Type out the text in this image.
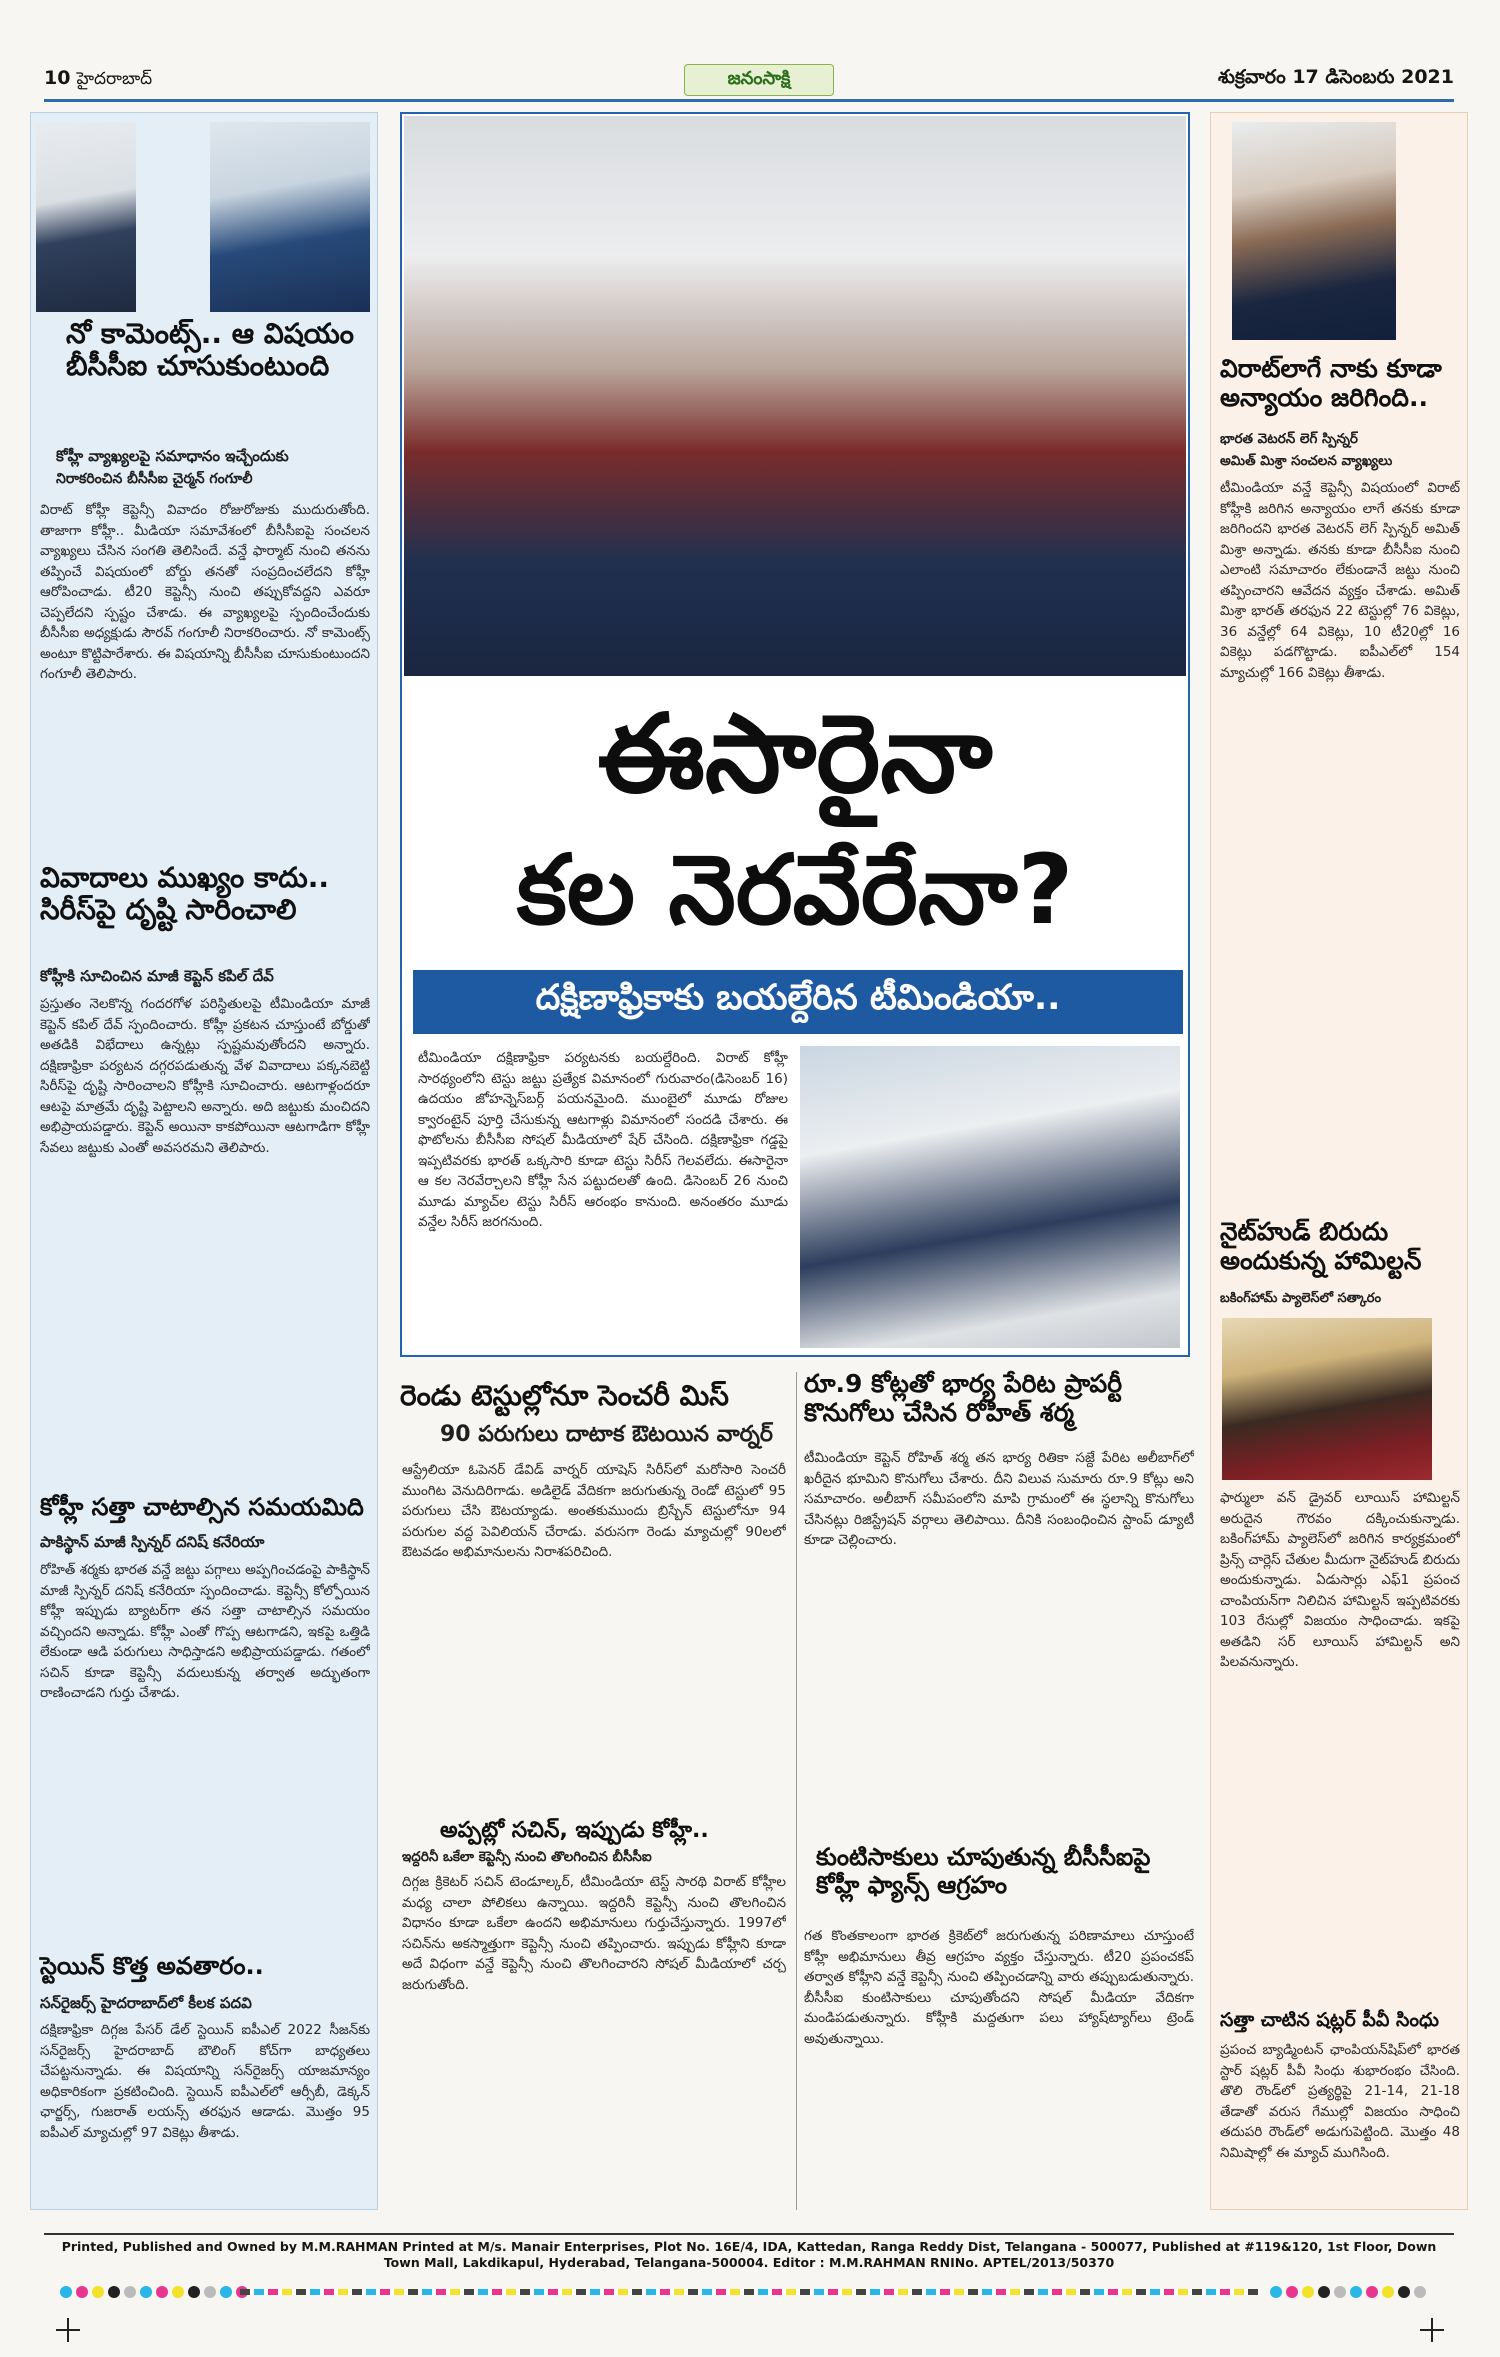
10 హైదరాబాద్	జనంసాక్షి	శుక్రవారం 17 డిసెంబరు 2021
నో కామెంట్స్.. ఆ విషయం బీసీసీఐ చూసుకుంటుంది
కోహ్లీ వ్యాఖ్యలపై సమాధానం ఇచ్చేందుకు
నిరాకరించిన బీసీసీఐ చైర్మన్ గంగూలీ
విరాట్ కోహ్లీ కెప్టెన్సీ వివాదం రోజురోజుకు ముదురుతోంది. తాజాగా కోహ్లీ.. మీడియా సమావేశంలో బీసీసీఐపై సంచలన వ్యాఖ్యలు చేసిన సంగతి తెలిసిందే. వన్డే ఫార్మాట్ నుంచి తనను తప్పించే విషయంలో బోర్డు తనతో సంప్రదించలేదని కోహ్లీ ఆరోపించాడు. టీ20 కెప్టెన్సీ నుంచి తప్పుకోవద్దని ఎవరూ చెప్పలేదని స్పష్టం చేశాడు. ఈ వ్యాఖ్యలపై స్పందించేందుకు బీసీసీఐ అధ్యక్షుడు సౌరవ్ గంగూలీ నిరాకరించారు. నో కామెంట్స్ అంటూ కొట్టిపారేశారు. ఈ విషయాన్ని బీసీసీఐ చూసుకుంటుందని గంగూలీ తెలిపారు.
వివాదాలు ముఖ్యం కాదు.. సిరీస్‌పై దృష్టి సారించాలి
కోహ్లీకి సూచించిన మాజీ కెప్టెన్ కపిల్ దేవ్
ప్రస్తుతం నెలకొన్న గందరగోళ పరిస్థితులపై టీమిండియా మాజీ కెప్టెన్ కపిల్ దేవ్ స్పందించారు. కోహ్లీ ప్రకటన చూస్తుంటే బోర్డుతో అతడికి విభేదాలు ఉన్నట్లు స్పష్టమవుతోందని అన్నారు. దక్షిణాఫ్రికా పర్యటన దగ్గరపడుతున్న వేళ వివాదాలు పక్కనబెట్టి సిరీస్‌పై దృష్టి సారించాలని కోహ్లీకి సూచించారు. ఆటగాళ్లందరూ ఆటపై మాత్రమే దృష్టి పెట్టాలని అన్నారు. అది జట్టుకు మంచిదని అభిప్రాయపడ్డారు. కెప్టెన్ అయినా కాకపోయినా ఆటగాడిగా కోహ్లీ సేవలు జట్టుకు ఎంతో అవసరమని తెలిపారు.
కోహ్లీ సత్తా చాటాల్సిన సమయమిది
పాకిస్థాన్ మాజీ స్పిన్నర్ దనిష్ కనేరియా
రోహిత్ శర్మకు భారత వన్డే జట్టు పగ్గాలు అప్పగించడంపై పాకిస్థాన్ మాజీ స్పిన్నర్ దనిష్ కనేరియా స్పందించాడు. కెప్టెన్సీ కోల్పోయిన కోహ్లీ ఇప్పుడు బ్యాటర్‌గా తన సత్తా చాటాల్సిన సమయం వచ్చిందని అన్నాడు. కోహ్లీ ఎంతో గొప్ప ఆటగాడని, ఇకపై ఒత్తిడి లేకుండా ఆడి పరుగులు సాధిస్తాడని అభిప్రాయపడ్డాడు. గతంలో సచిన్ కూడా కెప్టెన్సీ వదులుకున్న తర్వాత అద్భుతంగా రాణించాడని గుర్తు చేశాడు.
స్టెయిన్ కొత్త అవతారం..
సన్‌రైజర్స్ హైదరాబాద్‌లో కీలక పదవి
దక్షిణాఫ్రికా దిగ్గజ పేసర్ డేల్ స్టెయిన్ ఐపీఎల్ 2022 సీజన్‌కు సన్‌రైజర్స్ హైదరాబాద్ బౌలింగ్ కోచ్‌గా బాధ్యతలు చేపట్టనున్నాడు. ఈ విషయాన్ని సన్‌రైజర్స్ యాజమాన్యం అధికారికంగా ప్రకటించింది. స్టెయిన్ ఐపీఎల్‌లో ఆర్సీబీ, డెక్కన్ ఛార్జర్స్, గుజరాత్ లయన్స్ తరఫున ఆడాడు. మొత్తం 95 ఐపీఎల్ మ్యాచుల్లో 97 వికెట్లు తీశాడు.
ఈసారైనా
కల నెరవేరేనా?
దక్షిణాఫ్రికాకు బయల్దేరిన టీమిండియా..
టీమిండియా దక్షిణాఫ్రికా పర్యటనకు బయల్దేరింది. విరాట్ కోహ్లీ సారథ్యంలోని టెస్టు జట్టు ప్రత్యేక విమానంలో గురువారం(డిసెంబర్ 16) ఉదయం జోహన్నెస్‌బర్గ్ పయనమైంది. ముంబైలో మూడు రోజుల క్వారంటైన్ పూర్తి చేసుకున్న ఆటగాళ్లు విమానంలో సందడి చేశారు. ఈ ఫొటోలను బీసీసీఐ సోషల్ మీడియాలో షేర్ చేసింది. దక్షిణాఫ్రికా గడ్డపై ఇప్పటివరకు భారత్ ఒక్కసారి కూడా టెస్టు సిరీస్ గెలవలేదు. ఈసారైనా ఆ కల నెరవేర్చాలని కోహ్లీ సేన పట్టుదలతో ఉంది. డిసెంబర్ 26 నుంచి మూడు మ్యాచ్‌ల టెస్టు సిరీస్ ఆరంభం కానుంది. అనంతరం మూడు వన్డేల సిరీస్ జరగనుంది.
రెండు టెస్టుల్లోనూ సెంచరీ మిస్
90 పరుగులు దాటాక ఔటయిన వార్నర్
ఆస్ట్రేలియా ఓపెనర్ డేవిడ్ వార్నర్ యాషెస్ సిరీస్‌లో మరోసారి సెంచరీ ముంగిట వెనుదిరిగాడు. అడిలైడ్ వేదికగా జరుగుతున్న రెండో టెస్టులో 95 పరుగులు చేసి ఔటయ్యాడు. అంతకుముందు బ్రిస్బేన్ టెస్టులోనూ 94 పరుగుల వద్ద పెవిలియన్ చేరాడు. వరుసగా రెండు మ్యాచుల్లో 90లలో ఔటవడం అభిమానులను నిరాశపరిచింది.
అప్పట్లో సచిన్, ఇప్పుడు కోహ్లీ..
ఇద్దరినీ ఒకేలా కెప్టెన్సీ నుంచి తొలగించిన బీసీసీఐ
దిగ్గజ క్రికెటర్ సచిన్ టెండూల్కర్, టీమిండియా టెస్ట్ సారథి విరాట్ కోహ్లీల మధ్య చాలా పోలికలు ఉన్నాయి. ఇద్దరినీ కెప్టెన్సీ నుంచి తొలగించిన విధానం కూడా ఒకేలా ఉందని అభిమానులు గుర్తుచేస్తున్నారు. 1997లో సచిన్‌ను అకస్మాత్తుగా కెప్టెన్సీ నుంచి తప్పించారు. ఇప్పుడు కోహ్లీని కూడా అదే విధంగా వన్డే కెప్టెన్సీ నుంచి తొలగించారని సోషల్ మీడియాలో చర్చ జరుగుతోంది.
రూ.9 కోట్లతో భార్య పేరిట ప్రాపర్టీ కొనుగోలు చేసిన రోహిత్ శర్మ
టీమిండియా కెప్టెన్ రోహిత్ శర్మ తన భార్య రితికా సజ్దే పేరిట అలీబాగ్‌లో ఖరీదైన భూమిని కొనుగోలు చేశారు. దీని విలువ సుమారు రూ.9 కోట్లు అని సమాచారం. అలీబాగ్ సమీపంలోని మాపి గ్రామంలో ఈ స్థలాన్ని కొనుగోలు చేసినట్లు రిజిస్ట్రేషన్ వర్గాలు తెలిపాయి. దీనికి సంబంధించిన స్టాంప్ డ్యూటీ కూడా చెల్లించారు.
కుంటిసాకులు చూపుతున్న బీసీసీఐపై కోహ్లీ ఫ్యాన్స్ ఆగ్రహం
గత కొంతకాలంగా భారత క్రికెట్‌లో జరుగుతున్న పరిణామాలు చూస్తుంటే కోహ్లీ అభిమానులు తీవ్ర ఆగ్రహం వ్యక్తం చేస్తున్నారు. టీ20 ప్రపంచకప్ తర్వాత కోహ్లీని వన్డే కెప్టెన్సీ నుంచి తప్పించడాన్ని వారు తప్పుబడుతున్నారు. బీసీసీఐ కుంటిసాకులు చూపుతోందని సోషల్ మీడియా వేదికగా మండిపడుతున్నారు. కోహ్లీకి మద్దతుగా పలు హ్యాష్‌ట్యాగ్‌లు ట్రెండ్ అవుతున్నాయి.
విరాట్‌లాగే నాకు కూడా అన్యాయం జరిగింది..
భారత వెటరన్ లెగ్ స్పిన్నర్
అమిత్ మిశ్రా సంచలన వ్యాఖ్యలు
టీమిండియా వన్డే కెప్టెన్సీ విషయంలో విరాట్ కోహ్లీకి జరిగిన అన్యాయం లాగే తనకు కూడా జరిగిందని భారత వెటరన్ లెగ్ స్పిన్నర్ అమిత్ మిశ్రా అన్నాడు. తనకు కూడా బీసీసీఐ నుంచి ఎలాంటి సమాచారం లేకుండానే జట్టు నుంచి తప్పించారని ఆవేదన వ్యక్తం చేశాడు. అమిత్ మిశ్రా భారత్ తరఫున 22 టెస్టుల్లో 76 వికెట్లు, 36 వన్డేల్లో 64 వికెట్లు, 10 టీ20ల్లో 16 వికెట్లు పడగొట్టాడు. ఐపీఎల్‌లో 154 మ్యాచుల్లో 166 వికెట్లు తీశాడు.
నైట్‌హుడ్ బిరుదు అందుకున్న హామిల్టన్
బకింగ్‌హామ్ ప్యాలెస్‌లో సత్కారం
ఫార్ములా వన్ డ్రైవర్ లూయిస్ హామిల్టన్ అరుదైన గౌరవం దక్కించుకున్నాడు. బకింగ్‌హామ్ ప్యాలెస్‌లో జరిగిన కార్యక్రమంలో ప్రిన్స్ చార్లెస్ చేతుల మీదుగా నైట్‌హుడ్ బిరుదు అందుకున్నాడు. ఏడుసార్లు ఎఫ్1 ప్రపంచ చాంపియన్‌గా నిలిచిన హామిల్టన్ ఇప్పటివరకు 103 రేసుల్లో విజయం సాధించాడు. ఇకపై అతడిని సర్ లూయిస్ హామిల్టన్ అని పిలవనున్నారు.
సత్తా చాటిన షట్లర్ పీవీ సింధు
ప్రపంచ బ్యాడ్మింటన్ ఛాంపియన్‌షిప్‌లో భారత స్టార్ షట్లర్ పీవీ సింధు శుభారంభం చేసింది. తొలి రౌండ్‌లో ప్రత్యర్థిపై 21-14, 21-18 తేడాతో వరుస గేముల్లో విజయం సాధించి తదుపరి రౌండ్‌లో అడుగుపెట్టింది. మొత్తం 48 నిమిషాల్లో ఈ మ్యాచ్ ముగిసింది.
Printed, Published and Owned by M.M.RAHMAN Printed at M/s. Manair Enterprises, Plot No. 16E/4, IDA, Kattedan, Ranga Reddy Dist, Telangana - 500077, Published at #119&120, 1st Floor, Down Town Mall, Lakdikapul, Hyderabad, Telangana-500004. Editor : M.M.RAHMAN RNINo. APTEL/2013/50370
